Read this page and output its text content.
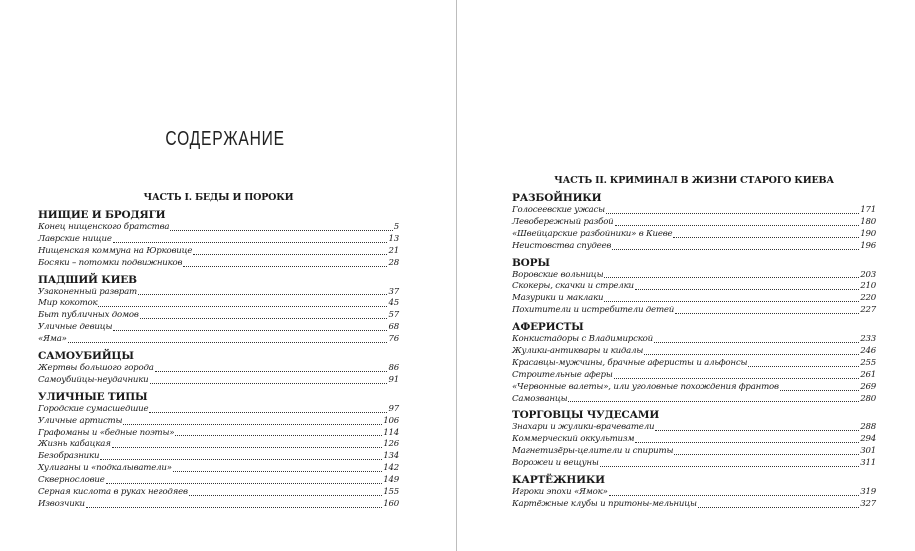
СОДЕРЖАНИЕ
ЧАСТЬ I. БЕДЫ И ПОРОКИ
НИЩИЕ И БРОДЯГИ
Конец нищенского братства	5
Лаврские нищие	13
Нищенская коммуна на Юрковице	21
Босяки – потомки подвижников	28
ПАДШИЙ КИЕВ
Узаконенный разврат	37
Мир кокоток	45
Быт публичных домов	57
Уличные девицы	68
«Яма»	76
САМОУБИЙЦЫ
Жертвы большого города	86
Самоубийцы-неудачники	91
УЛИЧНЫЕ ТИПЫ
Городские сумасшедшие	97
Уличные артисты	106
Графоманы и «бедные поэты»	114
Жизнь кабацкая	126
Безобразники	134
Хулиганы и «подкалыватели»	142
Сквернословие	149
Серная кислота в руках негодяев	155
Извозчики	160
ЧАСТЬ II. КРИМИНАЛ В ЖИЗНИ СТАРОГО КИЕВА
РАЗБОЙНИКИ
Голосеевские ужасы	171
Левобережный разбой	180
«Швейцарские разбойники» в Киеве	190
Неистовства спудеев	196
ВОРЫ
Воровские вольницы	203
Скокеры, скачки и стрелки	210
Мазурики и маклаки	220
Похитители и истребители детей	227
АФЕРИСТЫ
Конкистадоры с Владимирской	233
Жулики-антиквары и кидалы	246
Красавцы-мужчины, брачные аферисты и альфонсы	255
Строительные аферы	261
«Червонные валеты», или уголовные похождения франтов	269
Самозванцы	280
ТОРГОВЦЫ ЧУДЕСАМИ
Знахари и жулики-врачеватели	288
Коммерческий оккультизм	294
Магнетизёры-целители и спириты	301
Ворожеи и вещуны	311
КАРТЁЖНИКИ
Игроки эпохи «Ямок»	319
Картёжные клубы и притоны-мельницы	327
